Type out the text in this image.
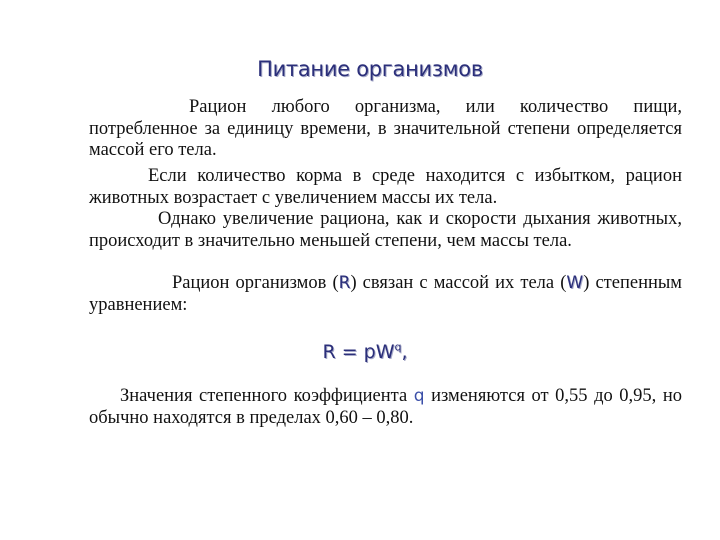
Питание организмов
Рацион любого организма, или количество пищи, потребленное за единицу времени, в значительной степени определяется массой его тела.
Если количество корма в среде находится с избытком, рацион животных возрастает с увеличением массы их тела.
Однако увеличение рациона, как и скорости дыхания животных, происходит в значительно меньшей степени, чем массы тела.
Рацион организмов (R) связан с массой их тела (W) степенным уравнением:
$R = pW^q$,
Значения степенного коэффициента q изменяются от 0,55 до 0,95, но обычно находятся в пределах 0,60 – 0,80.
